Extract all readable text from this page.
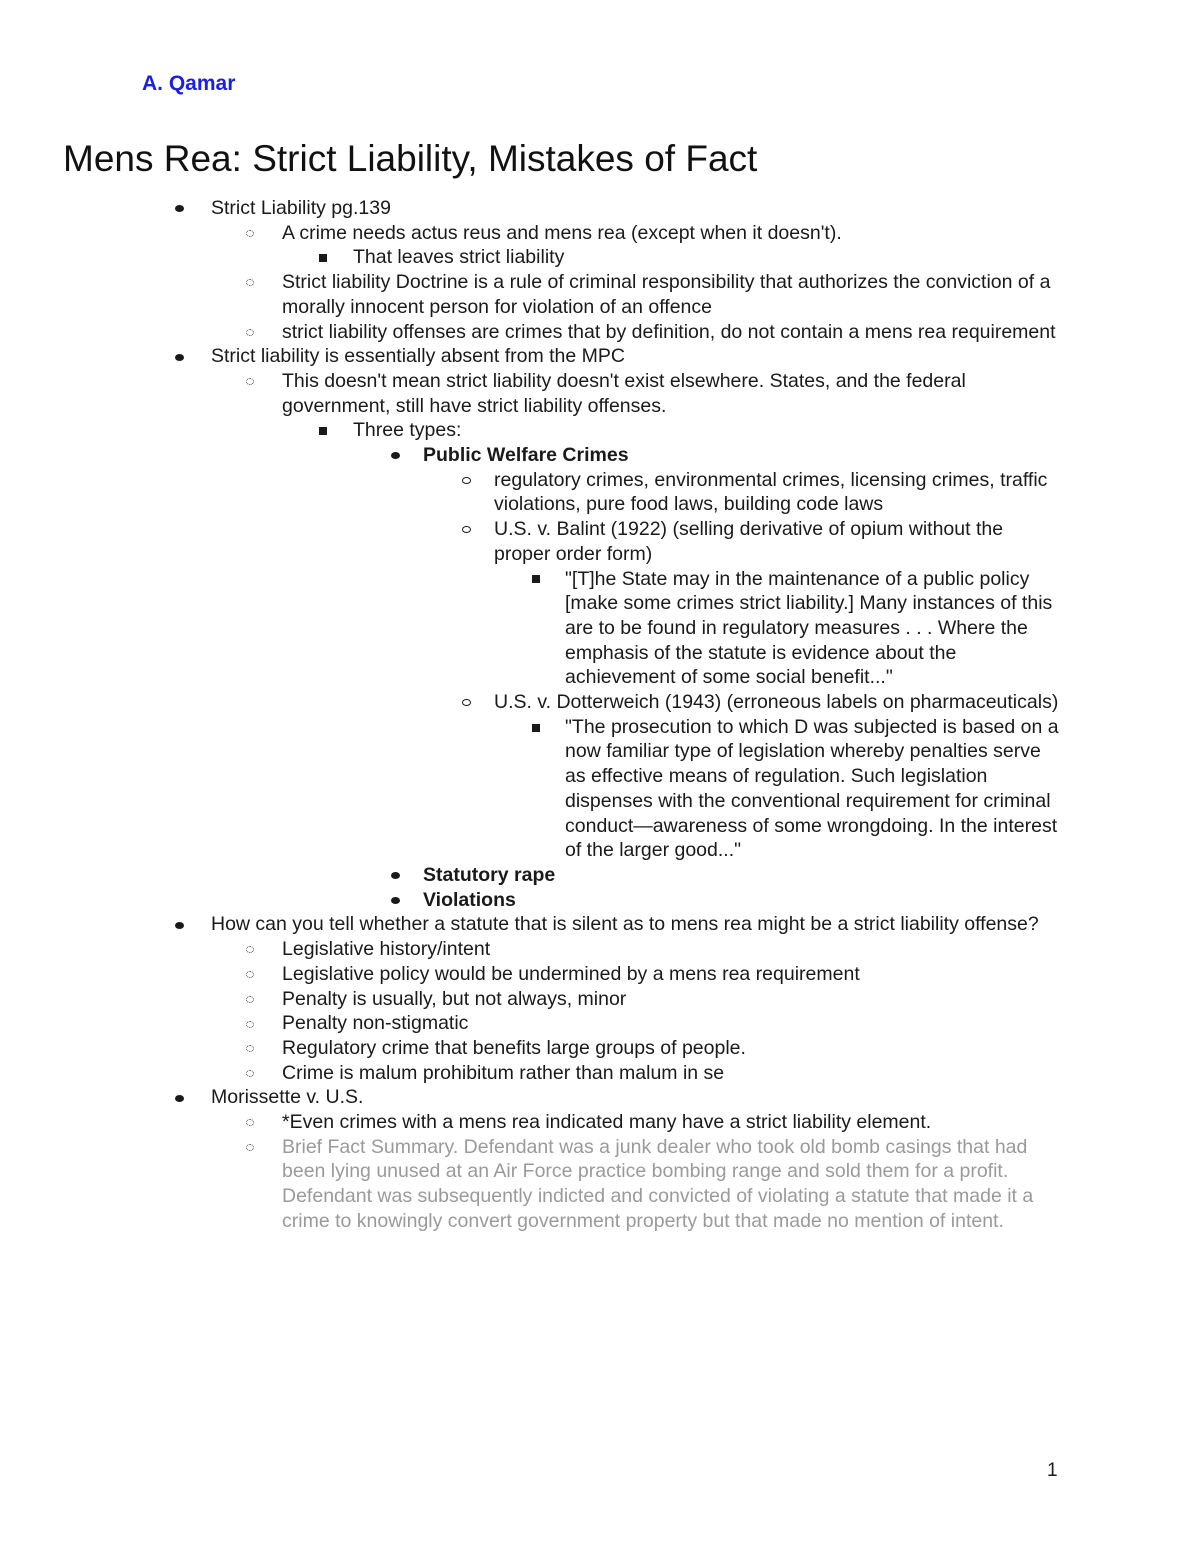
A. Qamar

Mens Rea: Strict Liability, Mistakes of Fact
Strict Liability pg.139
A crime needs actus reus and mens rea (except when it doesn't).
That leaves strict liability
Strict liability Doctrine is a rule of criminal responsibility that authorizes the conviction of a morally innocent person for violation of an offence
strict liability offenses are crimes that by definition, do not contain a mens rea requirement
Strict liability is essentially absent from the MPC
This doesn't mean strict liability doesn't exist elsewhere. States, and the federal government, still have strict liability offenses.
Three types:
Public Welfare Crimes
regulatory crimes, environmental crimes, licensing crimes, traffic violations, pure food laws, building code laws
U.S. v. Balint (1922) (selling derivative of opium without the proper order form)
"[T]he State may in the maintenance of a public policy [make some crimes strict liability.] Many instances of this are to be found in regulatory measures . . . Where the emphasis of the statute is evidence about the achievement of some social benefit..."
U.S. v. Dotterweich (1943) (erroneous labels on pharmaceuticals)
"The prosecution to which D was subjected is based on a now familiar type of legislation whereby penalties serve as effective means of regulation. Such legislation dispenses with the conventional requirement for criminal conduct—awareness of some wrongdoing. In the interest of the larger good..."
Statutory rape
Violations
How can you tell whether a statute that is silent as to mens rea might be a strict liability offense?
Legislative history/intent
Legislative policy would be undermined by a mens rea requirement
Penalty is usually, but not always, minor
Penalty non-stigmatic
Regulatory crime that benefits large groups of people.
Crime is malum prohibitum rather than malum in se
Morissette v. U.S.
*Even crimes with a mens rea indicated many have a strict liability element.
Brief Fact Summary. Defendant was a junk dealer who took old bomb casings that had been lying unused at an Air Force practice bombing range and sold them for a profit. Defendant was subsequently indicted and convicted of violating a statute that made it a crime to knowingly convert government property but that made no mention of intent.

1
